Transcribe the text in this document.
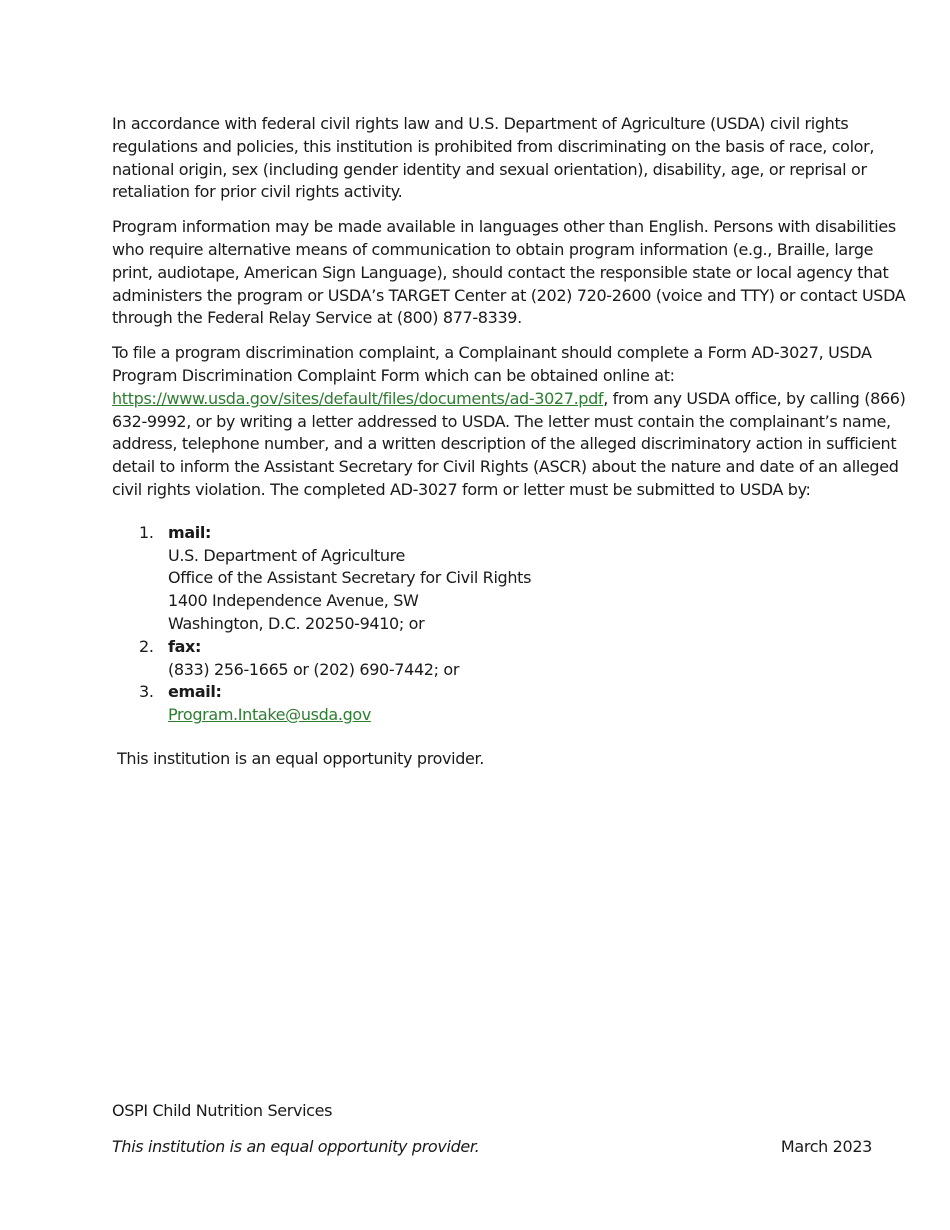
In accordance with federal civil rights law and U.S. Department of Agriculture (USDA) civil rights regulations and policies, this institution is prohibited from discriminating on the basis of race, color, national origin, sex (including gender identity and sexual orientation), disability, age, or reprisal or retaliation for prior civil rights activity.

Program information may be made available in languages other than English. Persons with disabilities who require alternative means of communication to obtain program information (e.g., Braille, large print, audiotape, American Sign Language), should contact the responsible state or local agency that administers the program or USDA’s TARGET Center at (202) 720-2600 (voice and TTY) or contact USDA through the Federal Relay Service at (800) 877-8339.

To file a program discrimination complaint, a Complainant should complete a Form AD-3027, USDA Program Discrimination Complaint Form which can be obtained online at: https://www.usda.gov/sites/default/files/documents/ad-3027.pdf, from any USDA office, by calling (866) 632-9992, or by writing a letter addressed to USDA. The letter must contain the complainant’s name, address, telephone number, and a written description of the alleged discriminatory action in sufficient detail to inform the Assistant Secretary for Civil Rights (ASCR) about the nature and date of an alleged civil rights violation. The completed AD-3027 form or letter must be submitted to USDA by:

1. mail:
U.S. Department of Agriculture
Office of the Assistant Secretary for Civil Rights
1400 Independence Avenue, SW
Washington, D.C. 20250-9410; or
2. fax:
(833) 256-1665 or (202) 690-7442; or
3. email:
Program.Intake@usda.gov

This institution is an equal opportunity provider.

OSPI Child Nutrition Services
This institution is an equal opportunity provider.	March 2023
